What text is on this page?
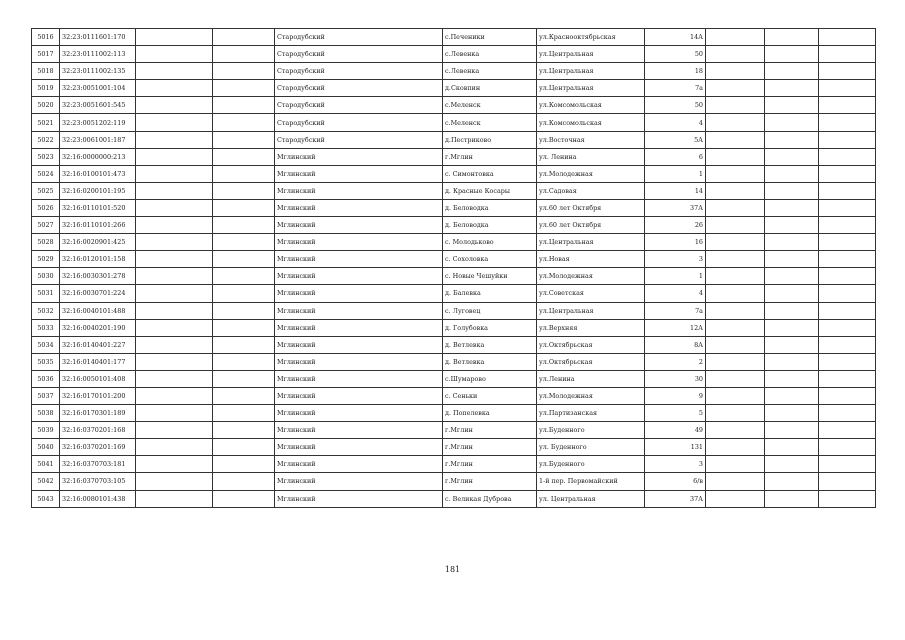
5016	32:23:0111601:170			Стародубский	с.Печеники	ул.Краснооктябрьская	14А			
5017	32:23:0111002:113			Стародубский	с.Левенка	ул.Центральная	50			
5018	32:23:0111002:135			Стародубский	с.Левенка	ул.Центральная	18			
5019	32:23:0051001:104			Стародубский	д.Сковпин	ул.Центральная	7а			
5020	32:23:0051601:545			Стародубский	с.Меленск	ул.Комсомольская	50			
5021	32:23:0051202:119			Стародубский	с.Меленск	ул.Комсомольская	4			
5022	32:23:0061001:187			Стародубский	д.Пестриково	ул.Восточная	5А			
5023	32:16:0000000:213			Мглинский	г.Мглин	ул. Ленина	6			
5024	32:16:0100101:473			Мглинский	с. Симонтовка	ул.Молодежная	1			
5025	32:16:0200101:195			Мглинский	д. Красные Косары	ул.Садовая	14			
5026	32:16:0110101:520			Мглинский	д. Беловодка	ул.60 лет Октября	37А			
5027	32:16:0110101:266			Мглинский	д. Беловодка	ул.60 лет Октября	26			
5028	32:16:0020901:425			Мглинский	с. Молодьково	ул.Центральная	16			
5029	32:16:0120101:158			Мглинский	с. Сохоловка	ул.Новая	3			
5030	32:16:0030301:278			Мглинский	с. Новые Чешуйки	ул.Молодежная	1			
5031	32:16:0030701:224			Мглинский	д. Балевка	ул.Советская	4			
5032	32:16:0040101:488			Мглинский	с. Луговец	ул.Центральная	7а			
5033	32:16:0040201:190			Мглинский	д. Голубовка	ул.Верхняя	12А			
5034	32:16:0140401:227			Мглинский	д. Ветлевка	ул.Октябрьская	8А			
5035	32:16:0140401:177			Мглинский	д. Ветлевка	ул.Октябрьская	2			
5036	32:16:0050101:408			Мглинский	с.Шумарово	ул.Ленина	30			
5037	32:16:0170101:200			Мглинский	с. Сеньки	ул.Молодежная	9			
5038	32:16:0170301:189			Мглинский	д. Попелевка	ул.Партизанская	5			
5039	32:16:0370201:168			Мглинский	г.Мглин	ул.Буденного	49			
5040	32:16:0370201:169			Мглинский	г.Мглин	ул. Буденного	131			
5041	32:16:0370703:181			Мглинский	г.Мглин	ул.Буденного	3			
5042	32:16:0370703:105			Мглинский	г.Мглин	1-й пер. Первомайский	6/в			
5043	32:16:0080101:438			Мглинский	с. Великая Дуброва	ул. Центральная	37А			
181
